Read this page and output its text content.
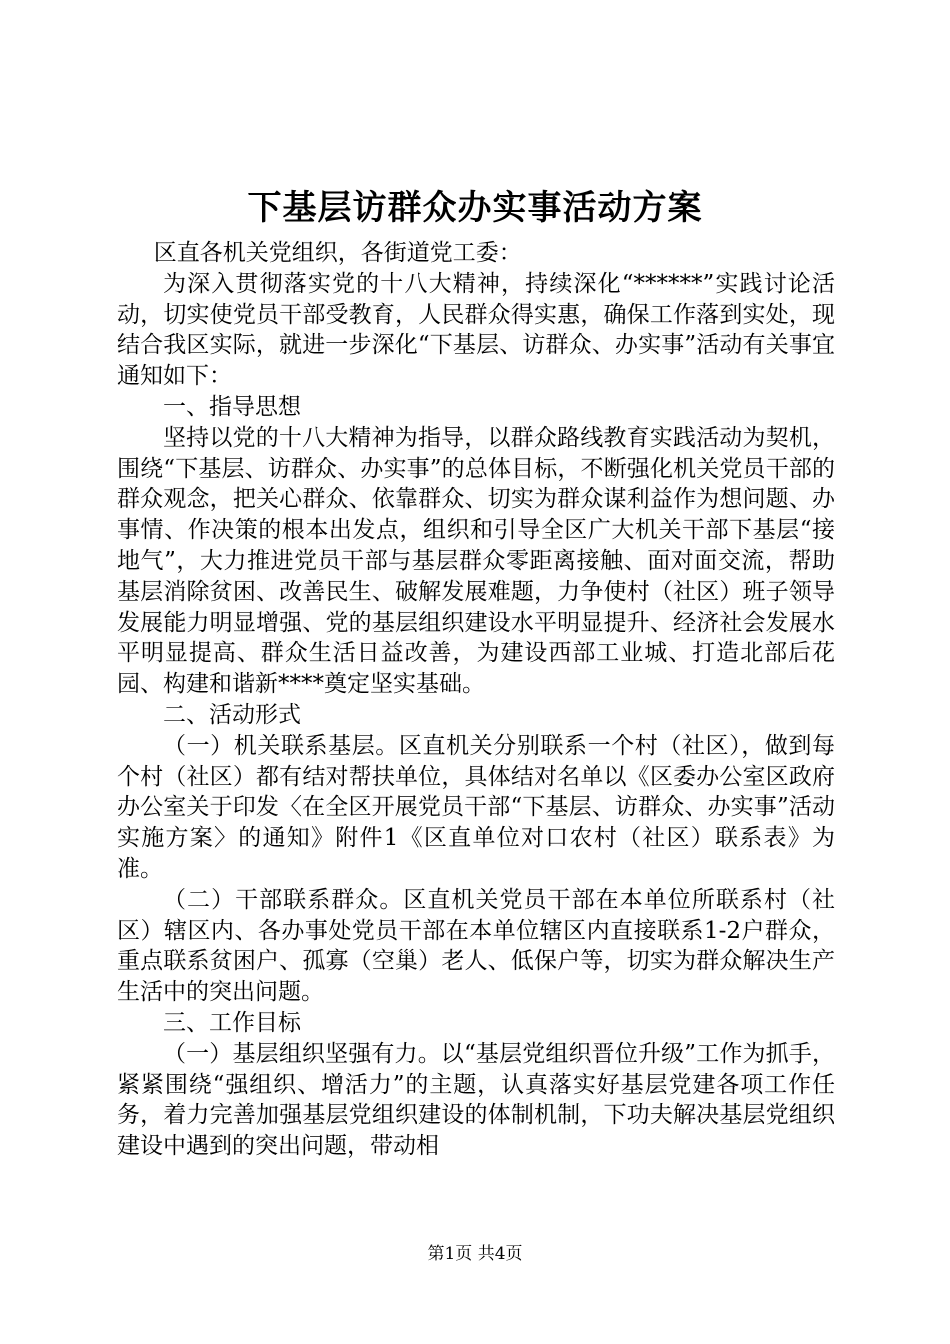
下基层访群众办实事活动方案

区直各机关党组织，各街道党工委：

为深入贯彻落实党的十八大精神，持续深化“******”实践讨论活动，切实使党员干部受教育，人民群众得实惠，确保工作落到实处，现结合我区实际，就进一步深化“下基层、访群众、办实事”活动有关事宜通知如下：

一、指导思想

坚持以党的十八大精神为指导，以群众路线教育实践活动为契机，围绕“下基层、访群众、办实事”的总体目标，不断强化机关党员干部的群众观念，把关心群众、依靠群众、切实为群众谋利益作为想问题、办事情、作决策的根本出发点，组织和引导全区广大机关干部下基层“接地气”，大力推进党员干部与基层群众零距离接触、面对面交流，帮助基层消除贫困、改善民生、破解发展难题，力争使村（社区）班子领导发展能力明显增强、党的基层组织建设水平明显提升、经济社会发展水平明显提高、群众生活日益改善，为建设西部工业城、打造北部后花园、构建和谐新****奠定坚实基础。

二、活动形式

（一）机关联系基层。区直机关分别联系一个村（社区），做到每个村（社区）都有结对帮扶单位，具体结对名单以《区委办公室区政府办公室关于印发〈在全区开展党员干部“下基层、访群众、办实事”活动实施方案〉的通知》附件1《区直单位对口农村（社区）联系表》为准。

（二）干部联系群众。区直机关党员干部在本单位所联系村（社区）辖区内、各办事处党员干部在本单位辖区内直接联系1-2户群众，重点联系贫困户、孤寡（空巢）老人、低保户等，切实为群众解决生产生活中的突出问题。

三、工作目标

（一）基层组织坚强有力。以“基层党组织晋位升级”工作为抓手，紧紧围绕“强组织、增活力”的主题，认真落实好基层党建各项工作任务，着力完善加强基层党组织建设的体制机制，下功夫解决基层党组织建设中遇到的突出问题，带动相

第1页 共4页
